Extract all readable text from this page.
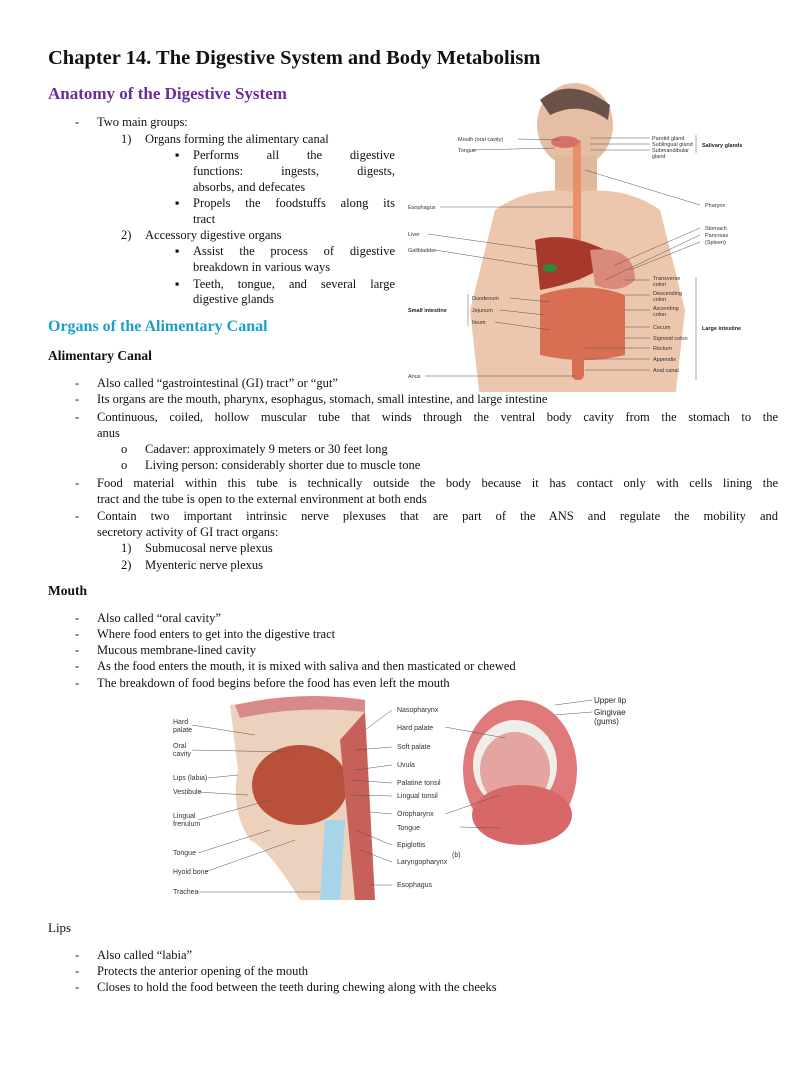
Chapter 14. The Digestive System and Body Metabolism
Anatomy of the Digestive System
- Two main groups:
1) Organs forming the alimentary canal
▪ Performs all the digestive
functions: ingests, digests,
absorbs, and defecates
▪ Propels the foodstuffs along its
tract
2) Accessory digestive organs
▪ Assist the process of digestive
breakdown in various ways
▪ Teeth, tongue, and several large
digestive glands
Organs of the Alimentary Canal
Alimentary Canal
- Also called “gastrointestinal (GI) tract” or “gut”
- Its organs are the mouth, pharynx, esophagus, stomach, small intestine, and large intestine
- Continuous, coiled, hollow muscular tube that winds through the ventral body cavity from the stomach to the
anus
o Cadaver: approximately 9 meters or 30 feet long
o Living person: considerably shorter due to muscle tone
- Food material within this tube is technically outside the body because it has contact only with cells lining the
tract and the tube is open to the external environment at both ends
- Contain two important intrinsic nerve plexuses that are part of the ANS and regulate the mobility and
secretory activity of GI tract organs:
1) Submucosal nerve plexus
2) Myenteric nerve plexus
Mouth
- Also called “oral cavity”
- Where food enters to get into the digestive tract
- Mucous membrane-lined cavity
- As the food enters the mouth, it is mixed with saliva and then masticated or chewed
- The breakdown of food begins before the food has even left the mouth
Lips
- Also called “labia”
- Protects the anterior opening of the mouth
- Closes to hold the food between the teeth during chewing along with the cheeks
Mouth (oral cavity)
Tongue
Esophagus
Liver
Gallbladder
Duodenum
Jejunum
Ileum
Anus
Small intestine
Parotid gland
Sublingual gland
Submandibular
gland
Salivary glands
Pharynx
Stomach
Pancreas
(Spleen)
Transverse
colon
Descending
colon
Ascending
colon
Cecum
Sigmoid colon
Rectum
Appendix
Anal canal
Large intestine
Hard
palate
Oral
cavity
Lips (labia)
Vestibule
Lingual
frenulum
Tongue
Hyoid bone
Trachea
Nasopharynx
Hard palate
Soft palate
Uvula
Palatine tonsil
Lingual tonsil
Oropharynx
Tongue
Epiglottis
Laryngopharynx
Esophagus
(b)
Upper lip
Gingivae
(gums)
